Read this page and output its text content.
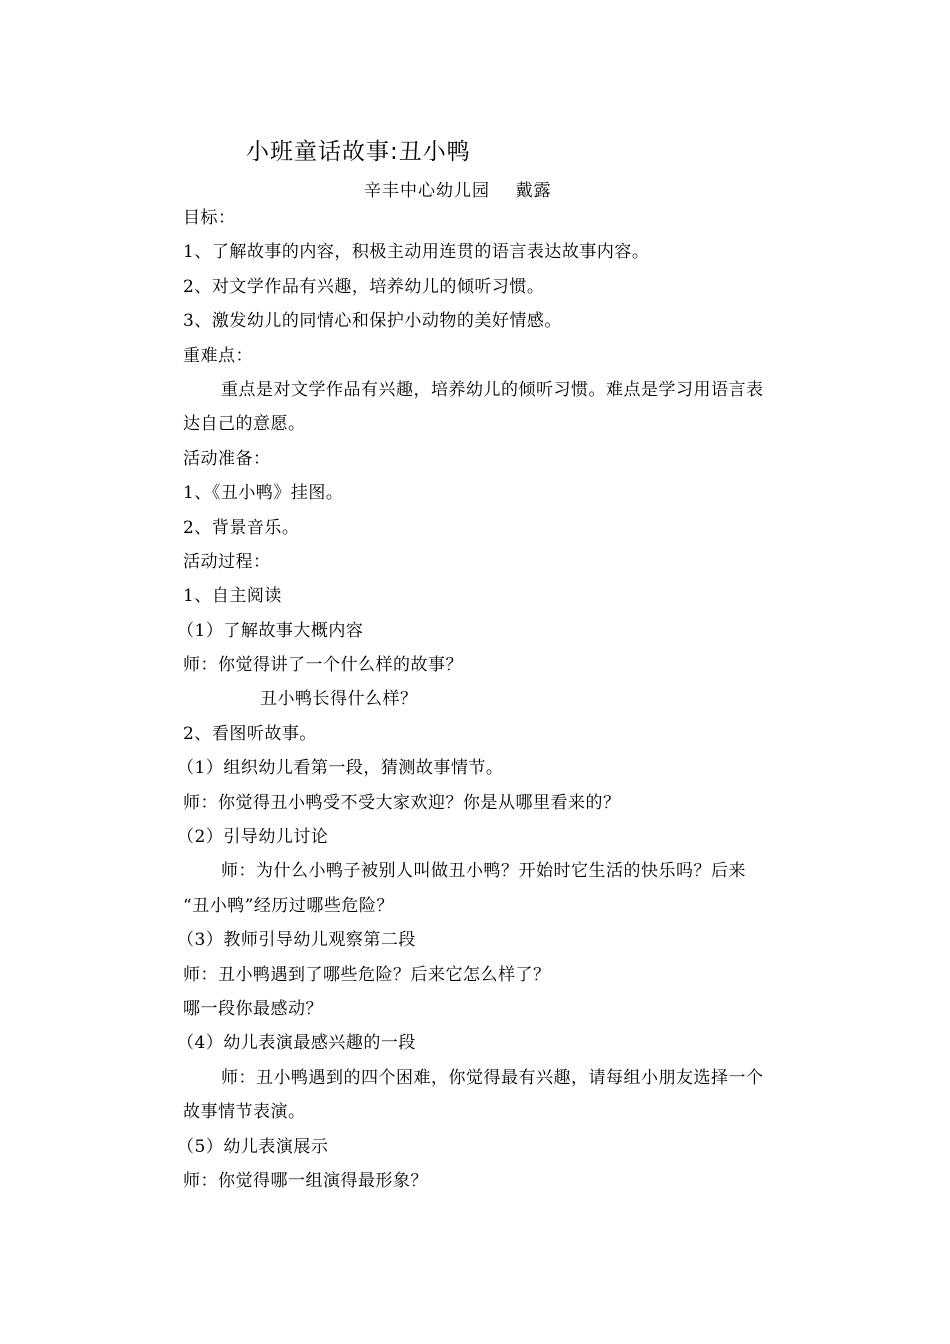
小班童话故事:丑小鸭
辛丰中心幼儿园    戴露
目标：
1、了解故事的内容，积极主动用连贯的语言表达故事内容。
2、对文学作品有兴趣，培养幼儿的倾听习惯。
3、激发幼儿的同情心和保护小动物的美好情感。
重难点：
重点是对文学作品有兴趣，培养幼儿的倾听习惯。难点是学习用语言表
达自己的意愿。
活动准备：
1、《丑小鸭》挂图。
2、背景音乐。
活动过程：
1、自主阅读
（1）了解故事大概内容
师：你觉得讲了一个什么样的故事？
丑小鸭长得什么样？
2、看图听故事。
（1）组织幼儿看第一段，猜测故事情节。
师：你觉得丑小鸭受不受大家欢迎？你是从哪里看来的？
（2）引导幼儿讨论
师：为什么小鸭子被别人叫做丑小鸭？开始时它生活的快乐吗？后来
“丑小鸭”经历过哪些危险？
（3）教师引导幼儿观察第二段
师：丑小鸭遇到了哪些危险？后来它怎么样了？
哪一段你最感动？
（4）幼儿表演最感兴趣的一段
师：丑小鸭遇到的四个困难，你觉得最有兴趣，请每组小朋友选择一个
故事情节表演。
（5）幼儿表演展示
师：你觉得哪一组演得最形象？
